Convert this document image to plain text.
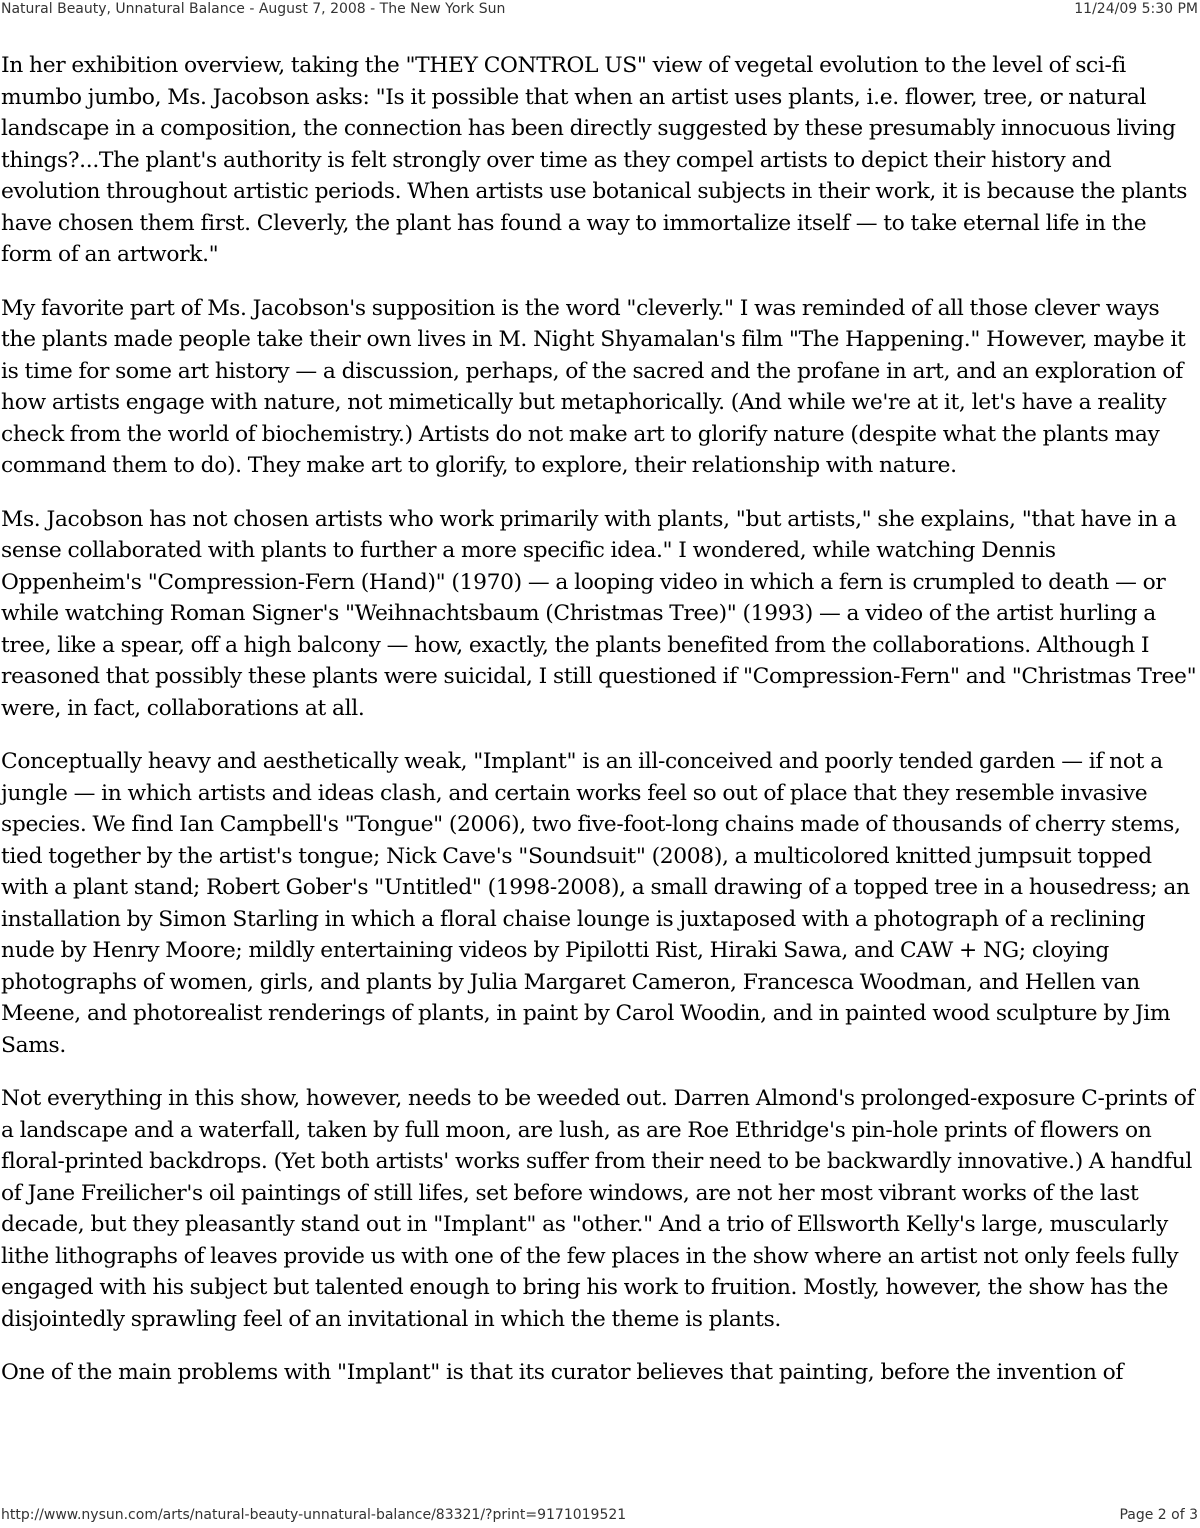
Natural Beauty, Unnatural Balance - August 7, 2008 - The New York Sun	11/24/09 5:30 PM

In her exhibition overview, taking the "THEY CONTROL US" view of vegetal evolution to the level of sci-fi mumbo jumbo, Ms. Jacobson asks: "Is it possible that when an artist uses plants, i.e. flower, tree, or natural landscape in a composition, the connection has been directly suggested by these presumably innocuous living things?...The plant's authority is felt strongly over time as they compel artists to depict their history and evolution throughout artistic periods. When artists use botanical subjects in their work, it is because the plants have chosen them first. Cleverly, the plant has found a way to immortalize itself — to take eternal life in the form of an artwork."

My favorite part of Ms. Jacobson's supposition is the word "cleverly." I was reminded of all those clever ways the plants made people take their own lives in M. Night Shyamalan's film "The Happening." However, maybe it is time for some art history — a discussion, perhaps, of the sacred and the profane in art, and an exploration of how artists engage with nature, not mimetically but metaphorically. (And while we're at it, let's have a reality check from the world of biochemistry.) Artists do not make art to glorify nature (despite what the plants may command them to do). They make art to glorify, to explore, their relationship with nature.

Ms. Jacobson has not chosen artists who work primarily with plants, "but artists," she explains, "that have in a sense collaborated with plants to further a more specific idea." I wondered, while watching Dennis Oppenheim's "Compression-Fern (Hand)" (1970) — a looping video in which a fern is crumpled to death — or while watching Roman Signer's "Weihnachtsbaum (Christmas Tree)" (1993) — a video of the artist hurling a tree, like a spear, off a high balcony — how, exactly, the plants benefited from the collaborations. Although I reasoned that possibly these plants were suicidal, I still questioned if "Compression-Fern" and "Christmas Tree" were, in fact, collaborations at all.

Conceptually heavy and aesthetically weak, "Implant" is an ill-conceived and poorly tended garden — if not a jungle — in which artists and ideas clash, and certain works feel so out of place that they resemble invasive species. We find Ian Campbell's "Tongue" (2006), two five-foot-long chains made of thousands of cherry stems, tied together by the artist's tongue; Nick Cave's "Soundsuit" (2008), a multicolored knitted jumpsuit topped with a plant stand; Robert Gober's "Untitled" (1998-2008), a small drawing of a topped tree in a housedress; an installation by Simon Starling in which a floral chaise lounge is juxtaposed with a photograph of a reclining nude by Henry Moore; mildly entertaining videos by Pipilotti Rist, Hiraki Sawa, and CAW + NG; cloying photographs of women, girls, and plants by Julia Margaret Cameron, Francesca Woodman, and Hellen van Meene, and photorealist renderings of plants, in paint by Carol Woodin, and in painted wood sculpture by Jim Sams.

Not everything in this show, however, needs to be weeded out. Darren Almond's prolonged-exposure C-prints of a landscape and a waterfall, taken by full moon, are lush, as are Roe Ethridge's pin-hole prints of flowers on floral-printed backdrops. (Yet both artists' works suffer from their need to be backwardly innovative.) A handful of Jane Freilicher's oil paintings of still lifes, set before windows, are not her most vibrant works of the last decade, but they pleasantly stand out in "Implant" as "other." And a trio of Ellsworth Kelly's large, muscularly lithe lithographs of leaves provide us with one of the few places in the show where an artist not only feels fully engaged with his subject but talented enough to bring his work to fruition. Mostly, however, the show has the disjointedly sprawling feel of an invitational in which the theme is plants.

One of the main problems with "Implant" is that its curator believes that painting, before the invention of

http://www.nysun.com/arts/natural-beauty-unnatural-balance/83321/?print=9171019521	Page 2 of 3
